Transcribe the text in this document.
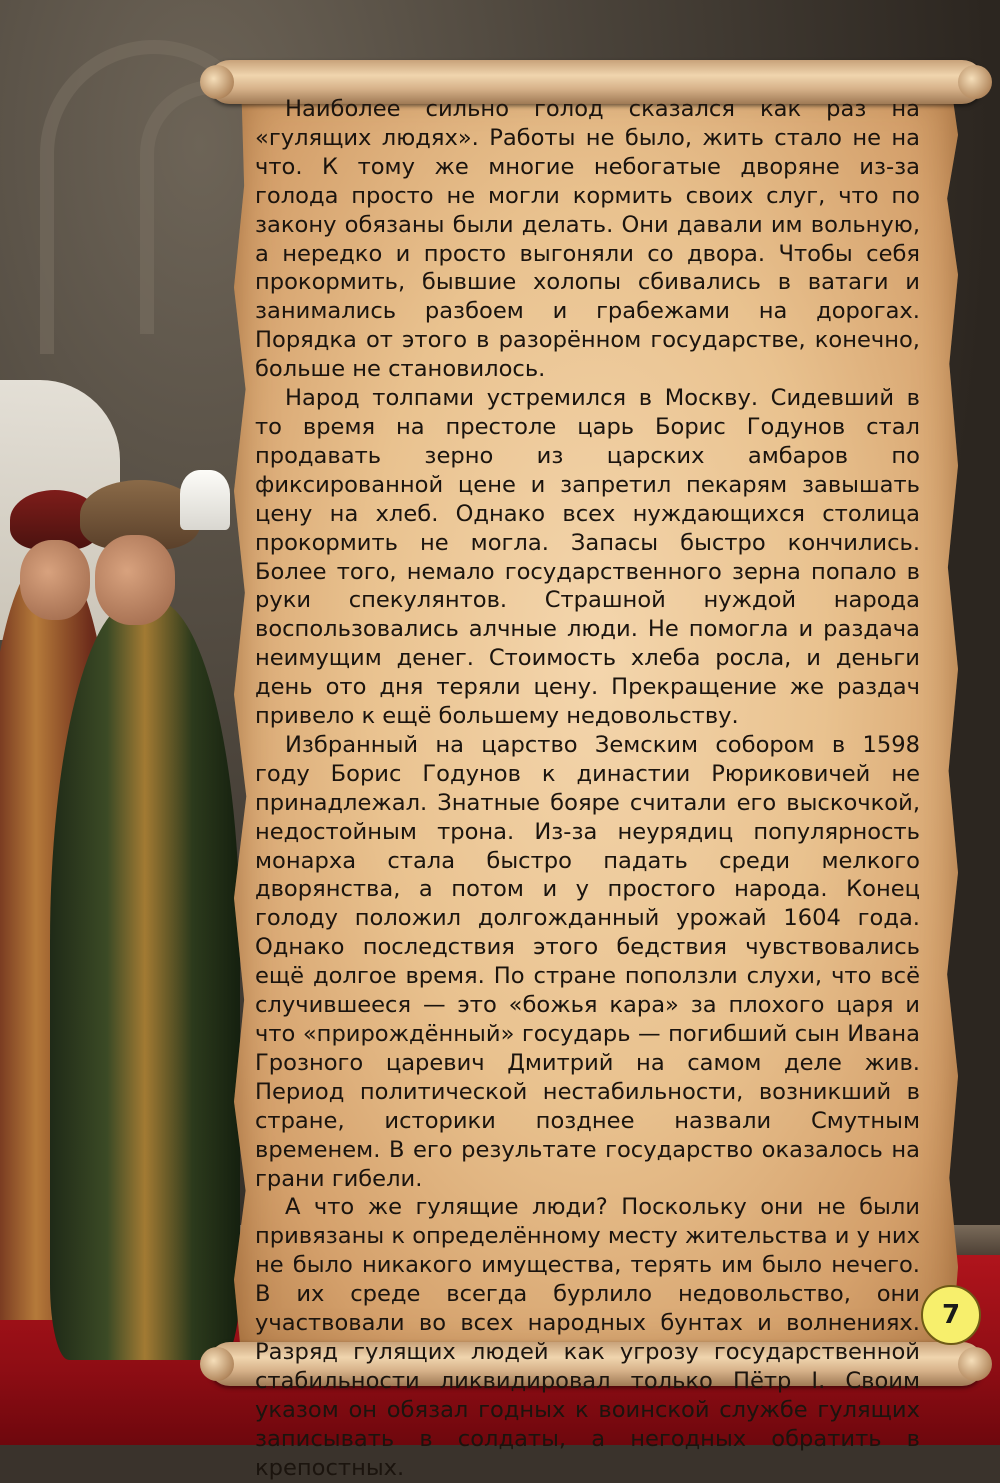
Наиболее сильно голод сказался как раз на «гулящих людях». Работы не было, жить стало не на что. К тому же многие небогатые дворяне из-за голода просто не могли кормить своих слуг, что по закону обязаны были делать. Они давали им вольную, а нередко и просто выгоняли со двора. Чтобы себя прокормить, бывшие холопы сбивались в ватаги и занимались разбоем и грабежами на дорогах. Порядка от этого в разорённом государстве, конечно, больше не становилось.

Народ толпами устремился в Москву. Сидевший в то время на престоле царь Борис Годунов стал продавать зерно из царских амбаров по фиксированной цене и запретил пекарям завышать цену на хлеб. Однако всех нуждающихся столица прокормить не могла. Запасы быстро кончились. Более того, немало государственного зерна попало в руки спекулянтов. Страшной нуждой народа воспользовались алчные люди. Не помогла и раздача неимущим денег. Стоимость хлеба росла, и деньги день ото дня теряли цену. Прекращение же раздач привело к ещё большему недовольству.

Избранный на царство Земским собором в 1598 году Борис Годунов к династии Рюриковичей не принадлежал. Знатные бояре считали его выскочкой, недостойным трона. Из-за неурядиц популярность монарха стала быстро падать среди мелкого дворянства, а потом и у простого народа. Конец голоду положил долгожданный урожай 1604 года. Однако последствия этого бедствия чувствовались ещё долгое время. По стране поползли слухи, что всё случившееся — это «божья кара» за плохого царя и что «прирождённый» государь — погибший сын Ивана Грозного царевич Дмитрий на самом деле жив. Период политической нестабильности, возникший в стране, историки позднее назвали Смутным временем. В его результате государство оказалось на грани гибели.

А что же гулящие люди? Поскольку они не были привязаны к определённому месту жительства и у них не было никакого имущества, терять им было нечего. В их среде всегда бурлило недовольство, они участвовали во всех народных бунтах и волнениях. Разряд гулящих людей как угрозу государственной стабильности ликвидировал только Пётр I. Своим указом он обязал годных к воинской службе гулящих записывать в солдаты, а негодных обратить в крепостных.

7
